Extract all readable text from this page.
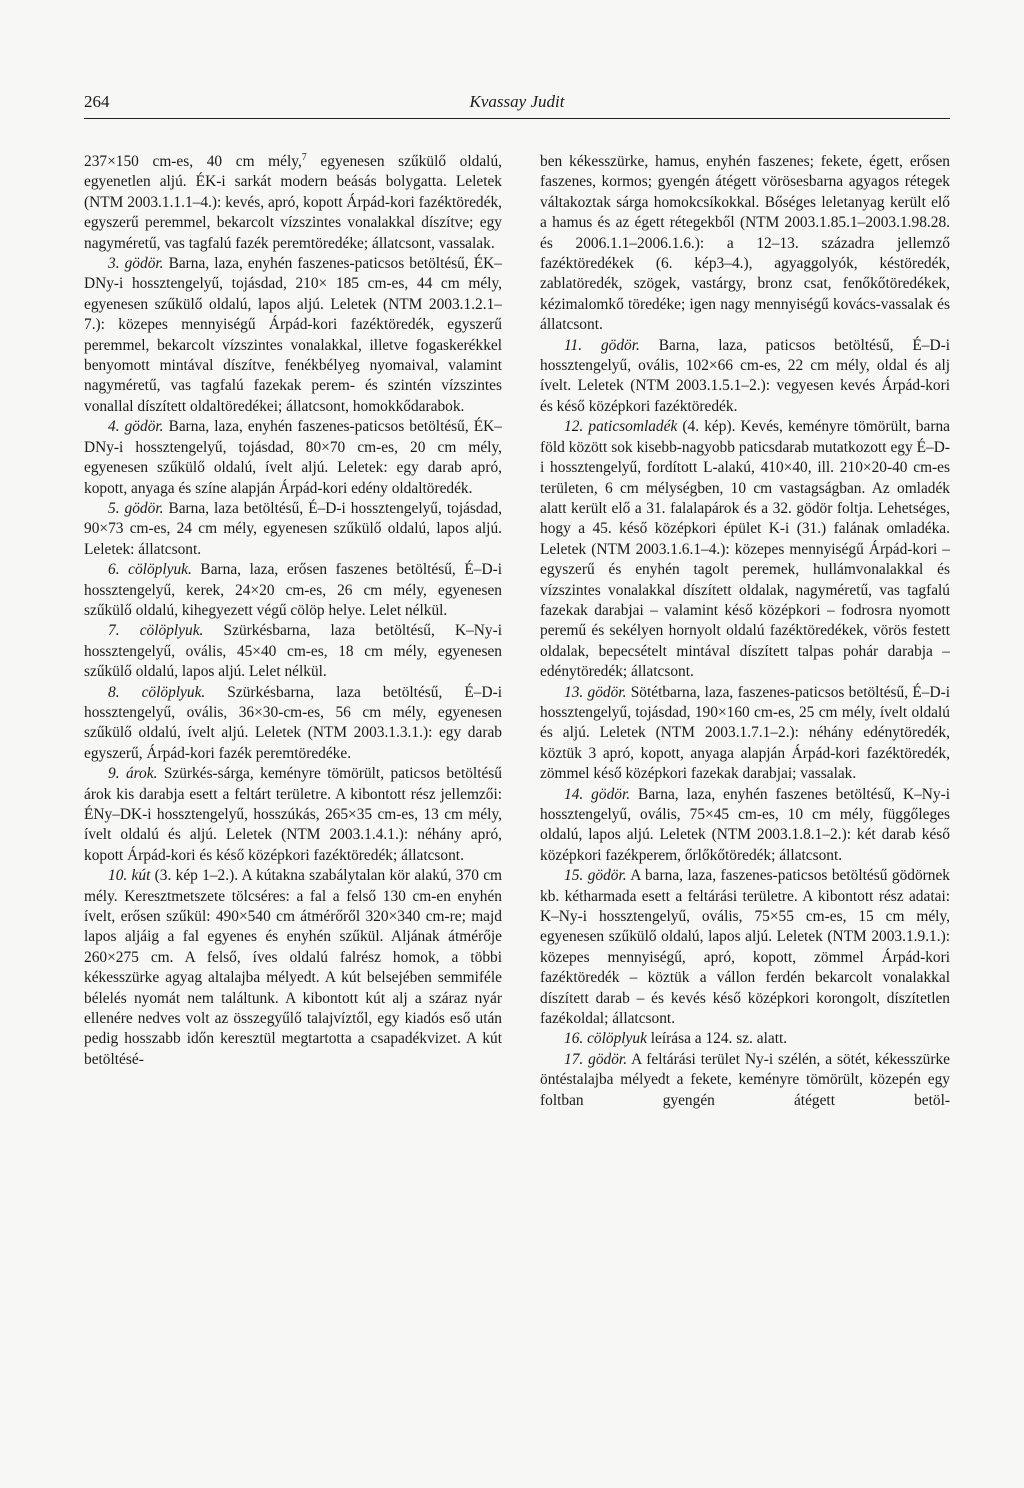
264	Kvassay Judit

237×150 cm-es, 40 cm mély,$^7$ egyenesen szűkülő oldalú, egyenetlen aljú. ÉK-i sarkát modern beásás bolygatta. Leletek (NTM 2003.1.1.1–4.): kevés, apró, kopott Árpád-kori fazéktöredék, egyszerű peremmel, bekarcolt vízszintes vonalakkal díszítve; egy nagyméretű, vas tagfalú fazék peremtöredéke; állatcsont, vassalak.

3. gödör. Barna, laza, enyhén faszenes-paticsos betöltésű, ÉK–DNy-i hossztengelyű, tojásdad, 210× 185 cm-es, 44 cm mély, egyenesen szűkülő oldalú, lapos aljú. Leletek (NTM 2003.1.2.1–7.): közepes mennyiségű Árpád-kori fazéktöredék, egyszerű peremmel, bekarcolt vízszintes vonalakkal, illetve fogaskerékkel benyomott mintával díszítve, fenékbélyeg nyomaival, valamint nagyméretű, vas tagfalú fazekak perem- és szintén vízszintes vonallal díszített oldaltöredékei; állatcsont, homokkődarabok.

4. gödör. Barna, laza, enyhén faszenes-paticsos betöltésű, ÉK–DNy-i hossztengelyű, tojásdad, 80×70 cm-es, 20 cm mély, egyenesen szűkülő oldalú, ívelt aljú. Leletek: egy darab apró, kopott, anyaga és színe alapján Árpád-kori edény oldaltöredék.

5. gödör. Barna, laza betöltésű, É–D-i hossztengelyű, tojásdad, 90×73 cm-es, 24 cm mély, egyenesen szűkülő oldalú, lapos aljú. Leletek: állatcsont.

6. cölöplyuk. Barna, laza, erősen faszenes betöltésű, É–D-i hossztengelyű, kerek, 24×20 cm-es, 26 cm mély, egyenesen szűkülő oldalú, kihegyezett végű cölöp helye. Lelet nélkül.

7. cölöplyuk. Szürkésbarna, laza betöltésű, K–Ny-i hossztengelyű, ovális, 45×40 cm-es, 18 cm mély, egyenesen szűkülő oldalú, lapos aljú. Lelet nélkül.

8. cölöplyuk. Szürkésbarna, laza betöltésű, É–D-i hossztengelyű, ovális, 36×30-cm-es, 56 cm mély, egyenesen szűkülő oldalú, ívelt aljú. Leletek (NTM 2003.1.3.1.): egy darab egyszerű, Árpád-kori fazék peremtöredéke.

9. árok. Szürkés-sárga, keményre tömörült, paticsos betöltésű árok kis darabja esett a feltárt területre. A kibontott rész jellemzői: ÉNy–DK-i hossztengelyű, hosszúkás, 265×35 cm-es, 13 cm mély, ívelt oldalú és aljú. Leletek (NTM 2003.1.4.1.): néhány apró, kopott Árpád-kori és késő középkori fazéktöredék; állatcsont.

10. kút (3. kép 1–2.). A kútakna szabálytalan kör alakú, 370 cm mély. Keresztmetszete tölcséres: a fal a felső 130 cm-en enyhén ívelt, erősen szűkül: 490×540 cm átmérőről 320×340 cm-re; majd lapos aljáig a fal egyenes és enyhén szűkül. Aljának átmérője 260×275 cm. A felső, íves oldalú falrész homok, a többi kékesszürke agyag altalajba mélyedt. A kút belsejében semmiféle bélelés nyomát nem találtunk. A kibontott kút alj a száraz nyár ellenére nedves volt az összegyűlő talajvíztől, egy kiadós eső után pedig hosszabb időn keresztül megtartotta a csapadékvizet. A kút betöltésé-

ben kékesszürke, hamus, enyhén faszenes; fekete, égett, erősen faszenes, kormos; gyengén átégett vörösesbarna agyagos rétegek váltakoztak sárga homokcsíkokkal. Bőséges leletanyag került elő a hamus és az égett rétegekből (NTM 2003.1.85.1–2003.1.98.28. és 2006.1.1–2006.1.6.): a 12–13. századra jellemző fazéktöredékek (6. kép3–4.), agyaggolyók, késtöredék, zablatöredék, szögek, vastárgy, bronz csat, fenőkőtöredékek, kézimalomkő töredéke; igen nagy mennyiségű kovács-vassalak és állatcsont.

11. gödör. Barna, laza, paticsos betöltésű, É–D-i hossztengelyű, ovális, 102×66 cm-es, 22 cm mély, oldal és alj ívelt. Leletek (NTM 2003.1.5.1–2.): vegyesen kevés Árpád-kori és késő középkori fazéktöredék.

12. paticsomladék (4. kép). Kevés, keményre tömörült, barna föld között sok kisebb-nagyobb paticsdarab mutatkozott egy É–D-i hossztengelyű, fordított L-alakú, 410×40, ill. 210×20-40 cm-es területen, 6 cm mélységben, 10 cm vastagságban. Az omladék alatt került elő a 31. falalapárok és a 32. gödör foltja. Lehetséges, hogy a 45. késő középkori épület K-i (31.) falának omladéka. Leletek (NTM 2003.1.6.1–4.): közepes mennyiségű Árpád-kori – egyszerű és enyhén tagolt peremek, hullámvonalakkal és vízszintes vonalakkal díszített oldalak, nagyméretű, vas tagfalú fazekak darabjai – valamint késő középkori – fodrosra nyomott peremű és sekélyen hornyolt oldalú fazéktöredékek, vörös festett oldalak, bepecsételt mintával díszített talpas pohár darabja – edénytöredék; állatcsont.

13. gödör. Sötétbarna, laza, faszenes-paticsos betöltésű, É–D-i hossztengelyű, tojásdad, 190×160 cm-es, 25 cm mély, ívelt oldalú és aljú. Leletek (NTM 2003.1.7.1–2.): néhány edénytöredék, köztük 3 apró, kopott, anyaga alapján Árpád-kori fazéktöredék, zömmel késő középkori fazekak darabjai; vassalak.

14. gödör. Barna, laza, enyhén faszenes betöltésű, K–Ny-i hossztengelyű, ovális, 75×45 cm-es, 10 cm mély, függőleges oldalú, lapos aljú. Leletek (NTM 2003.1.8.1–2.): két darab késő középkori fazékperem, őrlőkőtöredék; állatcsont.

15. gödör. A barna, laza, faszenes-paticsos betöltésű gödörnek kb. kétharmada esett a feltárási területre. A kibontott rész adatai: K–Ny-i hossztengelyű, ovális, 75×55 cm-es, 15 cm mély, egyenesen szűkülő oldalú, lapos aljú. Leletek (NTM 2003.1.9.1.): közepes mennyiségű, apró, kopott, zömmel Árpád-kori fazéktöredék – köztük a vállon ferdén bekarcolt vonalakkal díszített darab – és kevés késő középkori korongolt, díszítetlen fazékoldal; állatcsont.

16. cölöplyuk leírása a 124. sz. alatt.

17. gödör. A feltárási terület Ny-i szélén, a sötét, kékesszürke öntéstalajba mélyedt a fekete, keményre tömörült, közepén egy foltban gyengén átégett betöl-
